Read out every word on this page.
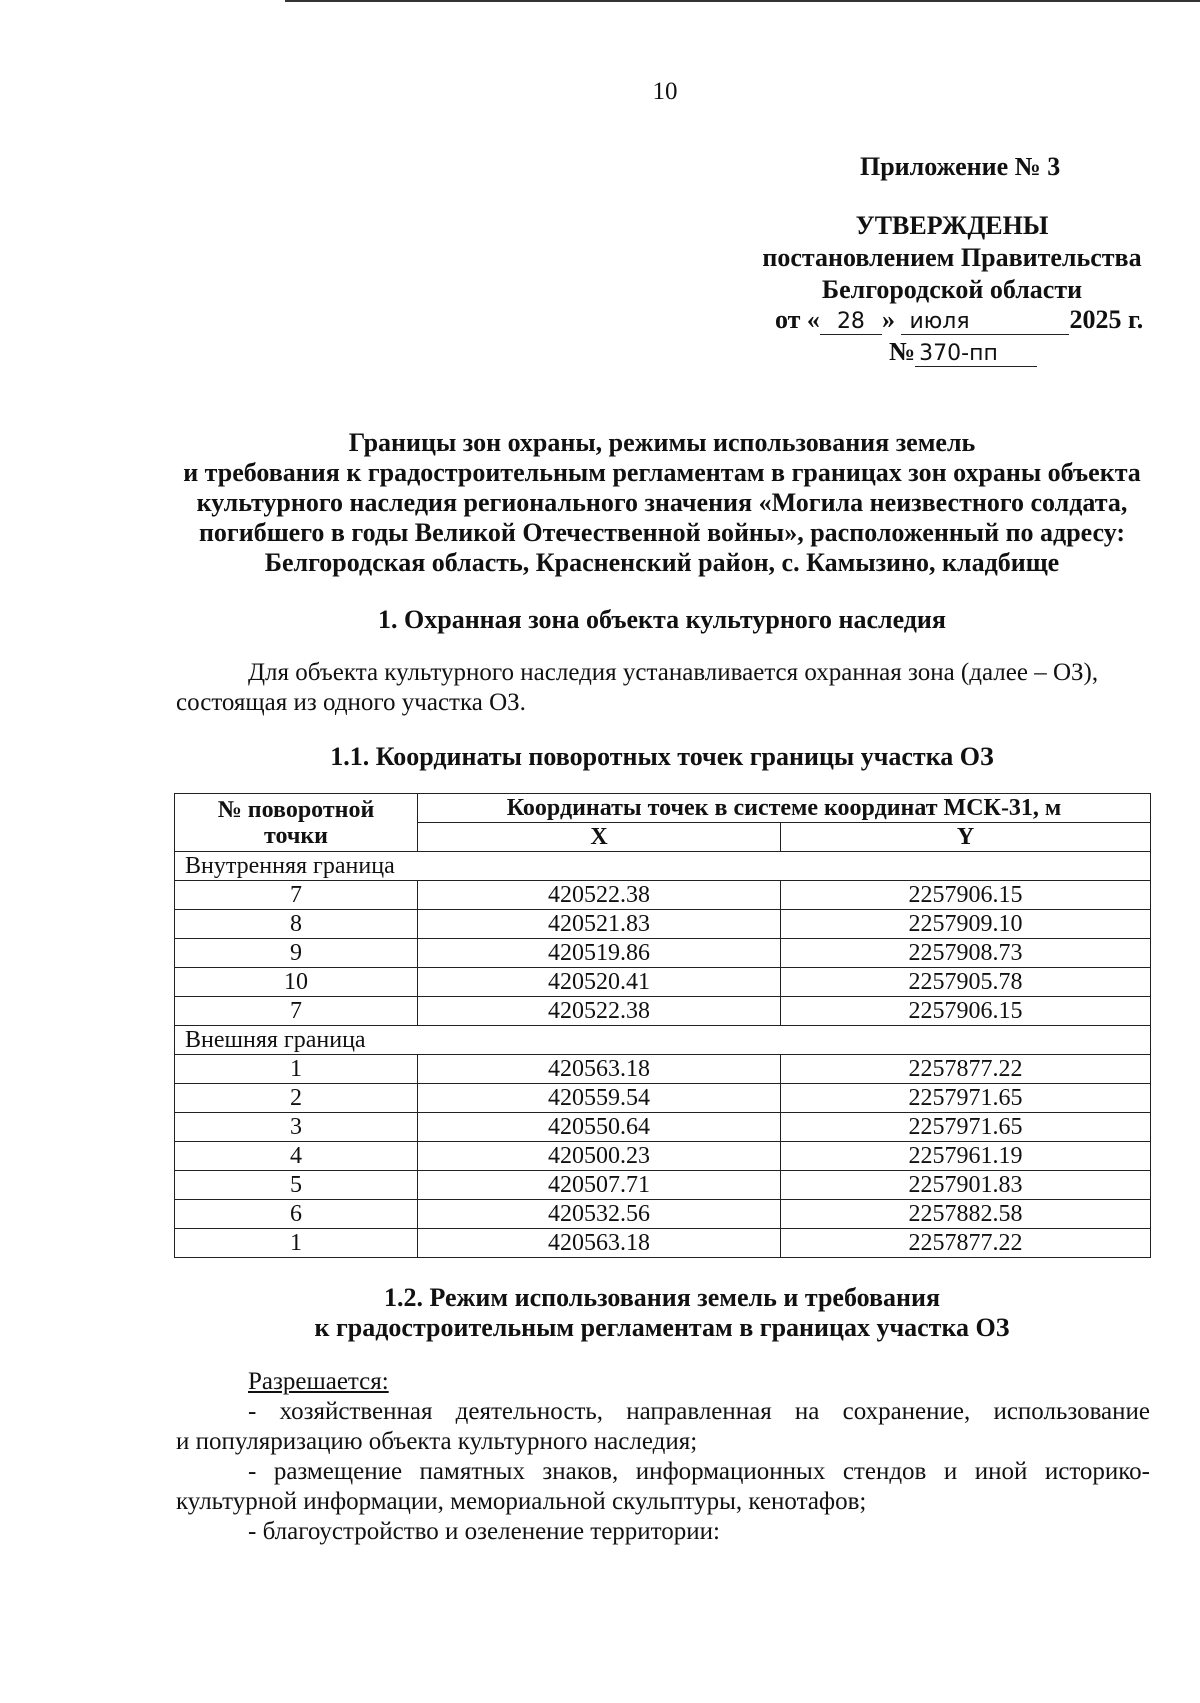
10
Приложение № 3
УТВЕРЖДЕНЫ
постановлением Правительства
Белгородской области
от « 28 » июля	2025 г.
№ 370-пп
Границы зон охраны, режимы использования земель
и требования к градостроительным регламентам в границах зон охраны объекта
культурного наследия регионального значения «Могила неизвестного солдата,
погибшего в годы Великой Отечественной войны», расположенный по адресу:
Белгородская область, Красненский район, с. Камызино, кладбище
1. Охранная зона объекта культурного наследия
Для объекта культурного наследия устанавливается охранная зона (далее – ОЗ),
состоящая из одного участка ОЗ.
1.1. Координаты поворотных точек границы участка ОЗ
№ поворотной
точки	Координаты точек в системе координат МСК-31, м	
	X	Y
Внутренняя граница		
7	420522.38	2257906.15
8	420521.83	2257909.10
9	420519.86	2257908.73
10	420520.41	2257905.78
7	420522.38	2257906.15
Внешняя граница		
1	420563.18	2257877.22
2	420559.54	2257971.65
3	420550.64	2257971.65
4	420500.23	2257961.19
5	420507.71	2257901.83
6	420532.56	2257882.58
1	420563.18	2257877.22
1.2. Режим использования земель и требования
к градостроительным регламентам в границах участка ОЗ
Разрешается:
- хозяйственная деятельность, направленная на сохранение, использование
и популяризацию объекта культурного наследия;
- размещение памятных знаков, информационных стендов и иной историко-
культурной информации, мемориальной скульптуры, кенотафов;
- благоустройство и озеленение территории:
